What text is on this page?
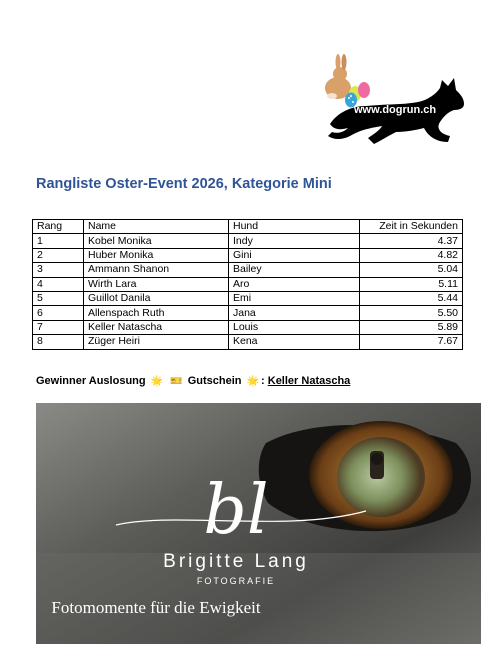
www.dogrun.ch
Rangliste Oster-Event 2026, Kategorie Mini
Rang	Name	Hund	Zeit in Sekunden
1	Kobel Monika	Indy	4.37
2	Huber Monika	Gini	4.82
3	Ammann Shanon	Bailey	5.04
4	Wirth Lara	Aro	5.11
5	Guillot Danila	Emi	5.44
6	Allenspach Ruth	Jana	5.50
7	Keller Natascha	Louis	5.89
8	Züger Heiri	Kena	7.67
Gewinner Auslosung 🌟 🎫 Gutschein 🌟 : Keller Natascha
bl
Brigitte Lang
FOTOGRAFIE
Fotomomente für die Ewigkeit
